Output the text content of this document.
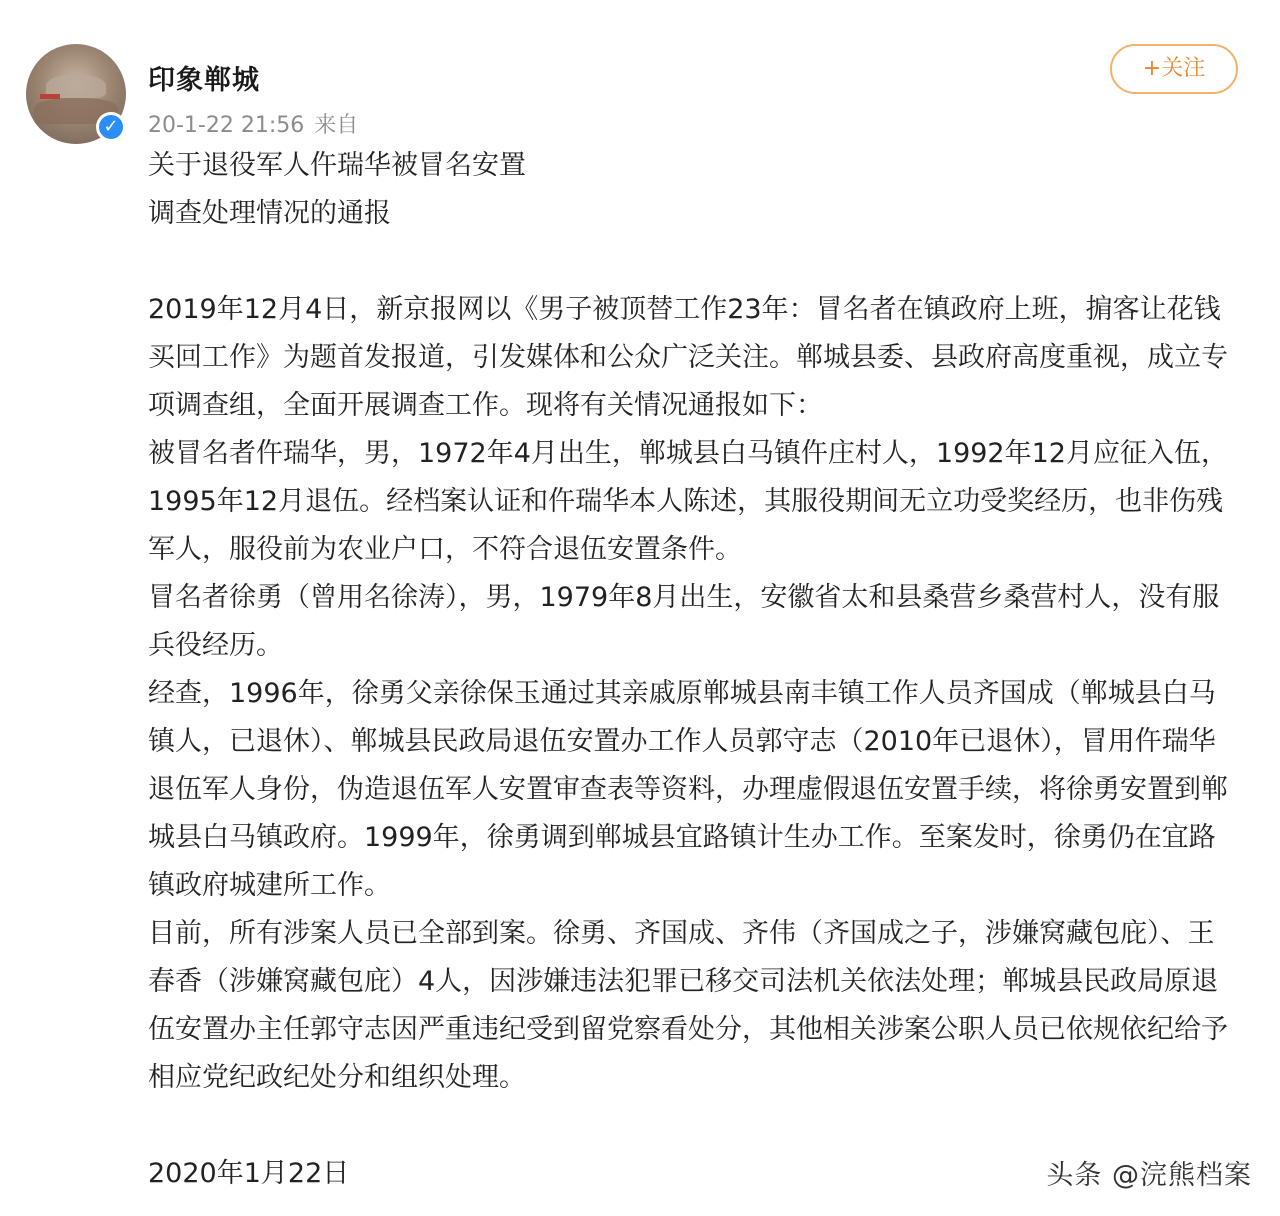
✓
印象郸城
20-1-22 21:56 来自
+关注

关于退役军人仵瑞华被冒名安置

调查处理情况的通报

2019年12月4日，新京报网以《男子被顶替工作23年：冒名者在镇政府上班，掮客让花钱买回工作》为题首发报道，引发媒体和公众广泛关注。郸城县委、县政府高度重视，成立专项调查组，全面开展调查工作。现将有关情况通报如下：

被冒名者仵瑞华，男，1972年4月出生，郸城县白马镇仵庄村人，1992年12月应征入伍，1995年12月退伍。经档案认证和仵瑞华本人陈述，其服役期间无立功受奖经历，也非伤残军人，服役前为农业户口，不符合退伍安置条件。

冒名者徐勇（曾用名徐涛），男，1979年8月出生，安徽省太和县桑营乡桑营村人，没有服兵役经历。

经查，1996年，徐勇父亲徐保玉通过其亲戚原郸城县南丰镇工作人员齐国成（郸城县白马镇人，已退休）、郸城县民政局退伍安置办工作人员郭守志（2010年已退休），冒用仵瑞华退伍军人身份，伪造退伍军人安置审查表等资料，办理虚假退伍安置手续，将徐勇安置到郸城县白马镇政府。1999年，徐勇调到郸城县宜路镇计生办工作。至案发时，徐勇仍在宜路镇政府城建所工作。

目前，所有涉案人员已全部到案。徐勇、齐国成、齐伟（齐国成之子，涉嫌窝藏包庇）、王春香（涉嫌窝藏包庇）4人，因涉嫌违法犯罪已移交司法机关依法处理；郸城县民政局原退伍安置办主任郭守志因严重违纪受到留党察看处分，其他相关涉案公职人员已依规依纪给予相应党纪政纪处分和组织处理。

2020年1月22日	头条 @浣熊档案
